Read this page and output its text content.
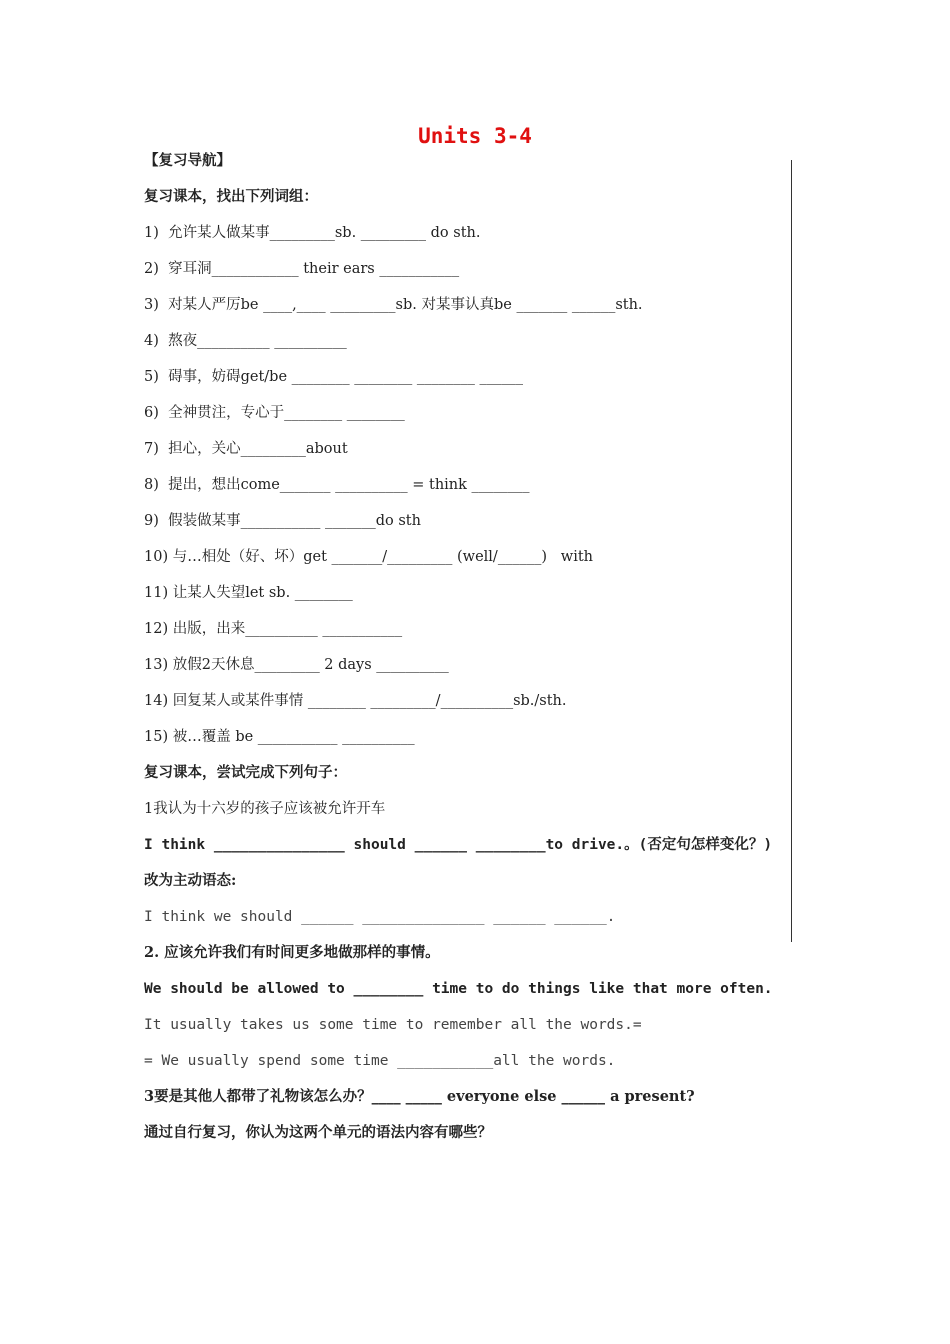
Units 3-4
【复习导航】
复习课本，找出下列词组：
1)  允许某人做某事_________sb. _________ do sth.
2)  穿耳洞____________ their ears ___________
3)  对某人严厉be ____,____ _________sb. 对某事认真be _______ ______sth.
4)  熬夜__________ __________
5)  碍事，妨碍get/be ________ ________ ________ ______
6)  全神贯注，专心于________ ________
7)  担心，关心_________about
8)  提出，想出come_______ __________ = think ________
9)  假装做某事___________ _______do sth
10) 与…相处（好、坏）get _______/_________ (well/______)   with
11) 让某人失望let sb. ________
12) 出版，出来__________ ___________
13) 放假2天休息_________ 2 days __________
14) 回复某人或某件事情 ________ _________/__________sb./sth.
15) 被…覆盖 be ___________ __________
复习课本，尝试完成下列句子：
1我认为十六岁的孩子应该被允许开车
I think _______________ should ______ ________to drive.。(否定句怎样变化？)
改为主动语态:
I think we should ______ ______________ ______ ______.
2. 应该允许我们有时间更多地做那样的事情。
We should be allowed to ________ time to do things like that more often.
It usually takes us some time to remember all the words.=
= We usually spend some time ___________all the words.
3要是其他人都带了礼物该怎么办？____ _____ everyone else ______ a present?
通过自行复习，你认为这两个单元的语法内容有哪些？
